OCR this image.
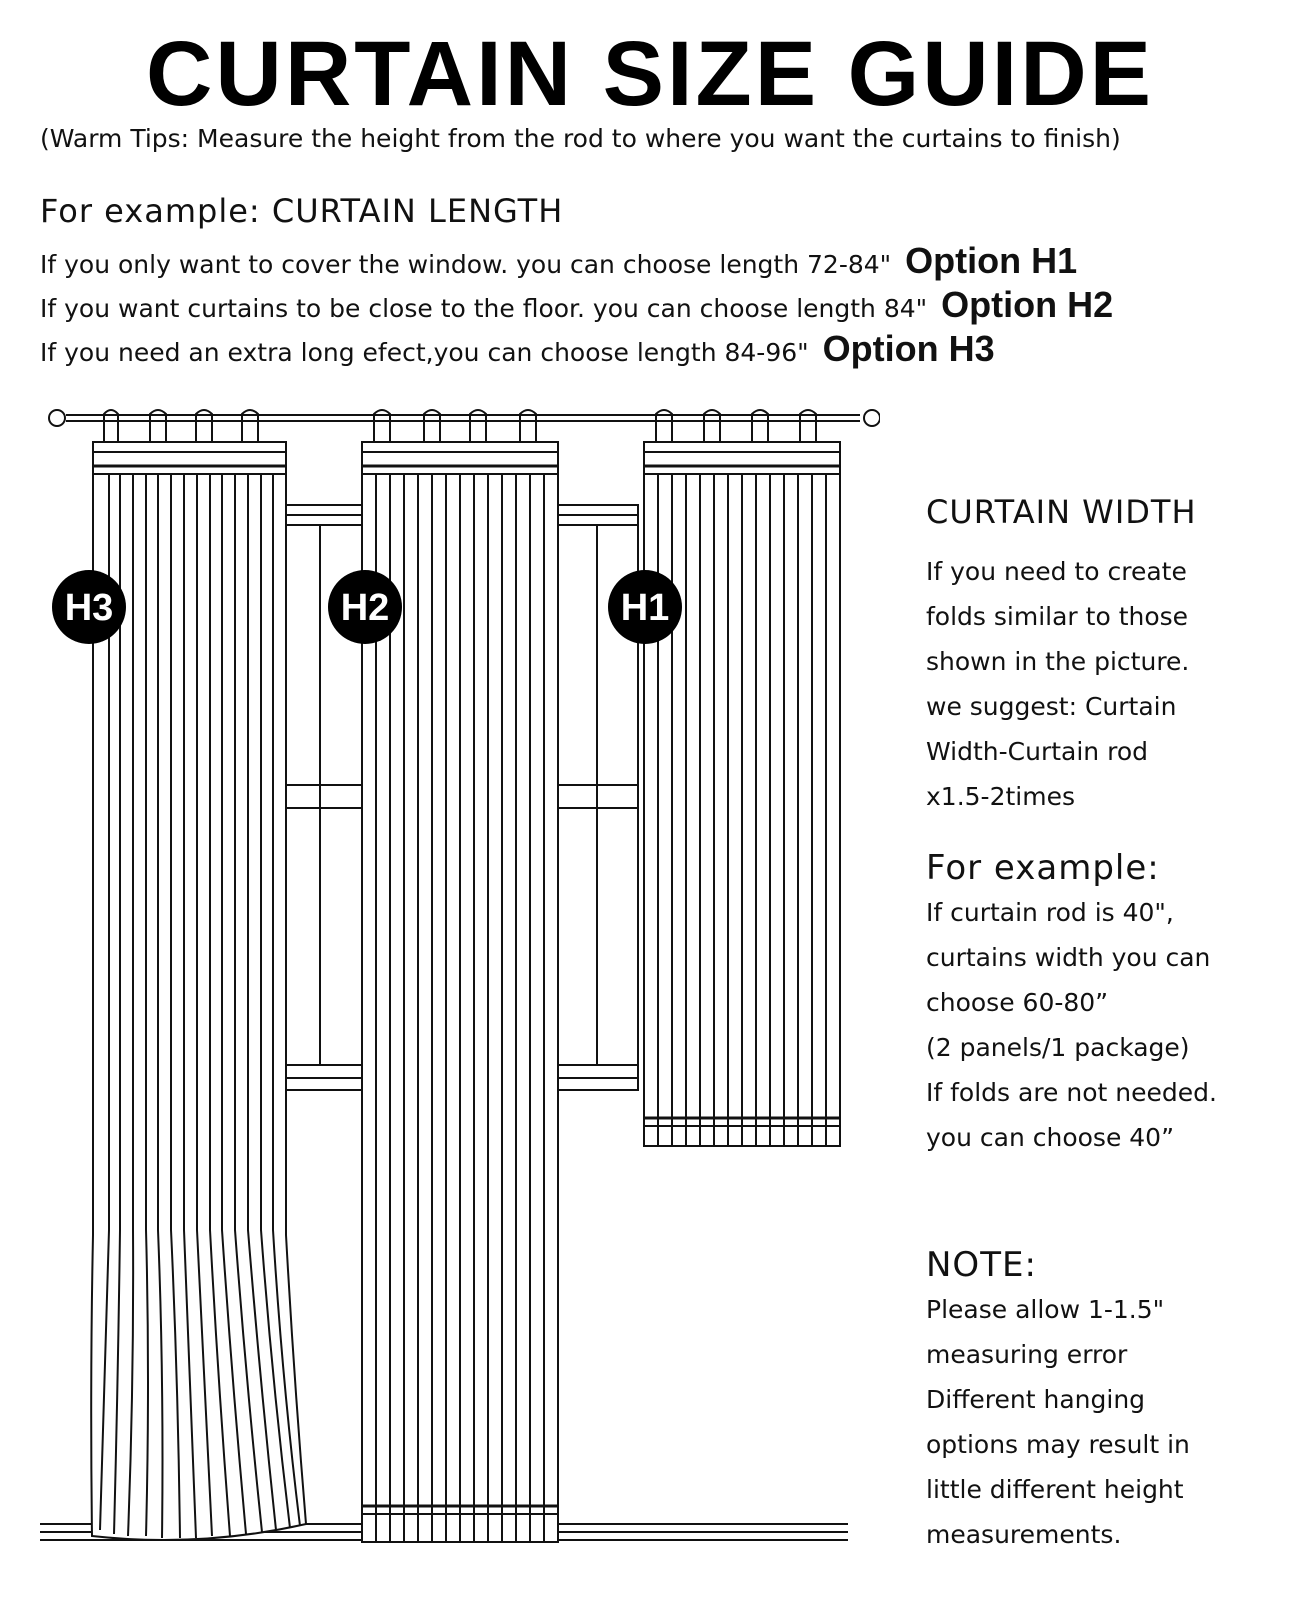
CURTAIN SIZE GUIDE
(Warm Tips: Measure the height from the rod to where you want the curtains to finish)
For example: CURTAIN LENGTH
If you only want to cover the window. you can choose length 72-84" Option H1
If you want curtains to be close to the floor. you can choose length 84" Option H2
If you need an extra long efect,you can choose length 84-96" Option H3
H3	H2	H1
CURTAIN WIDTH
If you need to create
folds similar to those
shown in the picture.
we suggest: Curtain
Width-Curtain rod
x1.5-2times
For example:
If curtain rod is 40",
curtains width you can
choose 60-80”
(2 panels/1 package)
If folds are not needed.
you can choose 40”
NOTE:
Please allow 1-1.5"
measuring error
Different hanging
options may result in
little different height
measurements.
